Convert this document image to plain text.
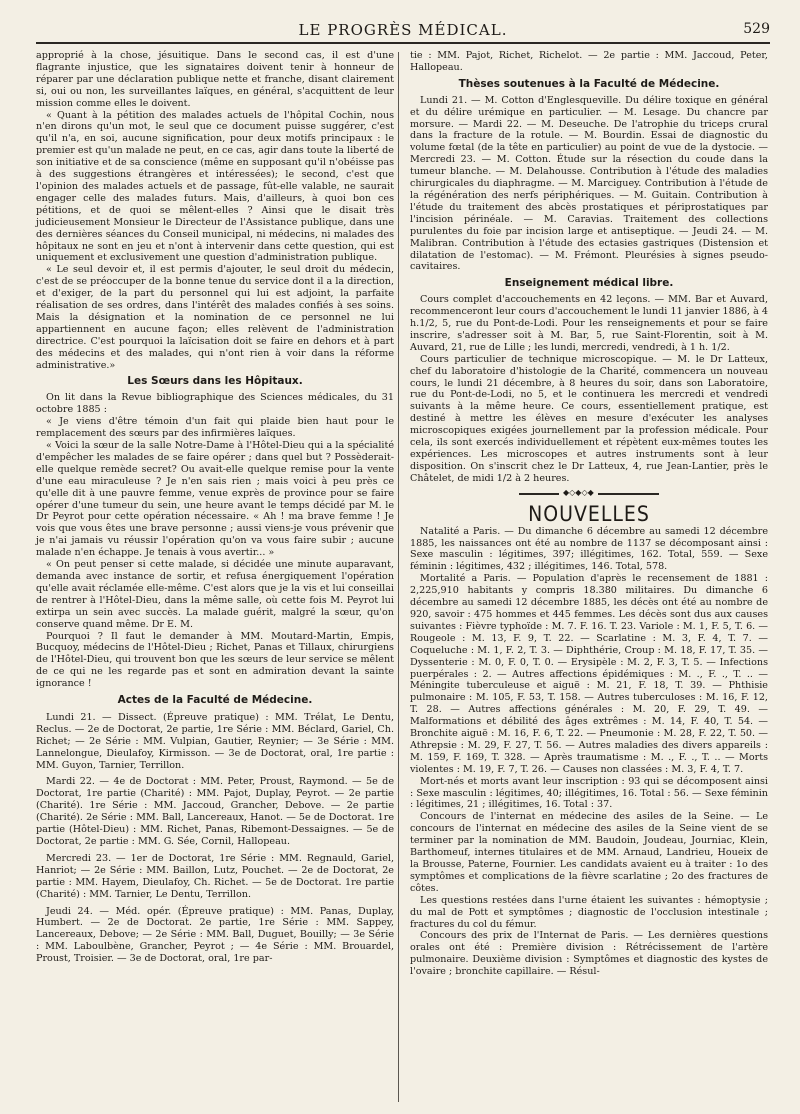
LE PROGRÈS MÉDICAL.	529

approprié à la chose, jésuitique. Dans le second cas, il est d'une flagrante injustice, que les signataires doivent tenir à honneur de réparer par une déclaration publique nette et franche, disant clairement si, oui ou non, les surveillantes laïques, en général, s'acquittent de leur mission comme elles le doivent.

« Quant à la pétition des malades actuels de l'hôpital Cochin, nous n'en dirons qu'un mot, le seul que ce document puisse suggérer, c'est qu'il n'a, en soi, aucune signification, pour deux motifs principaux : le premier est qu'un malade ne peut, en ce cas, agir dans toute la liberté de son initiative et de sa conscience (même en supposant qu'il n'obéisse pas à des suggestions étrangères et intéressées); le second, c'est que l'opinion des malades actuels et de passage, fût-elle valable, ne saurait engager celle des malades futurs. Mais, d'ailleurs, à quoi bon ces pétitions, et de quoi se mêlent-elles ? Ainsi que le disait très judicieusement Monsieur le Directeur de l'Assistance publique, dans une des dernières séances du Conseil municipal, ni médecins, ni malades des hôpitaux ne sont en jeu et n'ont à intervenir dans cette question, qui est uniquement et exclusivement une question d'administration publique.

« Le seul devoir et, il est permis d'ajouter, le seul droit du médecin, c'est de se préoccuper de la bonne tenue du service dont il a la direction, et d'exiger, de la part du personnel qui lui est adjoint, la parfaite réalisation de ses ordres, dans l'intérêt des malades confiés à ses soins. Mais la désignation et la nomination de ce personnel ne lui appartiennent en aucune façon; elles relèvent de l'administration directrice. C'est pourquoi la laïcisation doit se faire en dehors et à part des médecins et des malades, qui n'ont rien à voir dans la réforme administrative.»

Les Sœurs dans les Hôpitaux.

On lit dans la Revue bibliographique des Sciences médicales, du 31 octobre 1885 :

« Je viens d'être témoin d'un fait qui plaide bien haut pour le remplacement des sœurs par des infirmières laïques.

« Voici la sœur de la salle Notre-Dame à l'Hôtel-Dieu qui a la spécialité d'empêcher les malades de se faire opérer ; dans quel but ? Possèderait-elle quelque remède secret? Ou avait-elle quelque remise pour la vente d'une eau miraculeuse ? Je n'en sais rien ; mais voici à peu près ce qu'elle dit à une pauvre femme, venue exprès de province pour se faire opérer d'une tumeur du sein, une heure avant le temps décidé par M. le Dr Peyrot pour cette opération nécessaire. « Ah ! ma brave femme ! Je vois que vous êtes une brave personne ; aussi viens-je vous prévenir que je n'ai jamais vu réussir l'opération qu'on va vous faire subir ; aucune malade n'en échappe. Je tenais à vous avertir... »

« On peut penser si cette malade, si décidée une minute auparavant, demanda avec instance de sortir, et refusa énergiquement l'opération qu'elle avait réclamée elle-même. C'est alors que je la vis et lui conseillai de rentrer à l'Hôtel-Dieu, dans la même salle, où cette fois M. Peyrot lui extirpa un sein avec succès. La malade guérit, malgré la sœur, qu'on conserve quand même. Dr E. M.

Pourquoi ? Il faut le demander à MM. Moutard-Martin, Empis, Bucquoy, médecins de l'Hôtel-Dieu ; Richet, Panas et Tillaux, chirurgiens de l'Hôtel-Dieu, qui trouvent bon que les sœurs de leur service se mêlent de ce qui ne les regarde pas et sont en admiration devant la sainte ignorance !

Actes de la Faculté de Médecine.

Lundi 21. — Dissect. (Épreuve pratique) : MM. Trélat, Le Dentu, Reclus. — 2e de Doctorat, 2e partie, 1re Série : MM. Béclard, Gariel, Ch. Richet; — 2e Série : MM. Vulpian, Gautier, Reynier; — 3e Série : MM. Lannelongue, Dieulafoy, Kirmisson. — 3e de Doctorat, oral, 1re partie : MM. Guyon, Tarnier, Terrillon.

Mardi 22. — 4e de Doctorat : MM. Peter, Proust, Raymond. — 5e de Doctorat, 1re partie (Charité) : MM. Pajot, Duplay, Peyrot. — 2e partie (Charité). 1re Série : MM. Jaccoud, Grancher, Debove. — 2e partie (Charité). 2e Série : MM. Ball, Lancereaux, Hanot. — 5e de Doctorat. 1re partie (Hôtel-Dieu) : MM. Richet, Panas, Ribemont-Dessaignes. — 5e de Doctorat, 2e partie : MM. G. Sée, Cornil, Hallopeau.

Mercredi 23. — 1er de Doctorat, 1re Série : MM. Regnauld, Gariel, Hanriot; — 2e Série : MM. Baillon, Lutz, Pouchet. — 2e de Doctorat, 2e partie : MM. Hayem, Dieulafoy, Ch. Richet. — 5e de Doctorat. 1re partie (Charité) : MM. Tarnier, Le Dentu, Terrillon.

Jeudi 24. — Méd. opér. (Épreuve pratique) : MM. Panas, Duplay, Humbert. — 2e de Doctorat. 2e partie, 1re Série : MM. Sappey, Lancereaux, Debove; — 2e Série : MM. Ball, Duguet, Bouilly; — 3e Série : MM. Laboulbène, Grancher, Peyrot ; — 4e Série : MM. Brouardel, Proust, Troisier. — 3e de Doctorat, oral, 1re par-

tie : MM. Pajot, Richet, Richelot. — 2e partie : MM. Jaccoud, Peter, Hallopeau.

Thèses soutenues à la Faculté de Médecine.

Lundi 21. — M. Cotton d'Englesqueville. Du délire toxique en général et du délire urémique en particulier. — M. Lesage. Du chancre par morsure. — Mardi 22. — M. Deseuche. De l'atrophie du triceps crural dans la fracture de la rotule. — M. Bourdin. Essai de diagnostic du volume fœtal (de la tête en particulier) au point de vue de la dystocie. — Mercredi 23. — M. Cotton. Étude sur la résection du coude dans la tumeur blanche. — M. Delahousse. Contribution à l'étude des maladies chirurgicales du diaphragme. — M. Marciguey. Contribution à l'étude de la régénération des nerfs périphériques. — M. Guitain. Contribution à l'étude du traitement des abcès prostatiques et périprostatiques par l'incision périnéale. — M. Caravias. Traitement des collections purulentes du foie par incision large et antiseptique. — Jeudi 24. — M. Malibran. Contribution à l'étude des ectasies gastriques (Distension et dilatation de l'estomac). — M. Frémont. Pleurésies à signes pseudo-cavitaires.

Enseignement médical libre.

Cours complet d'accouchements en 42 leçons. — MM. Bar et Auvard, recommenceront leur cours d'accouchement le lundi 11 janvier 1886, à 4 h.1/2, 5, rue du Pont-de-Lodi. Pour les renseignements et pour se faire inscrire, s'adresser soit à M. Bar, 5, rue Saint-Florentin, soit à M. Auvard, 21, rue de Lille ; les lundi, mercredi, vendredi, à 1 h. 1/2.

Cours particulier de technique microscopique. — M. le Dr Latteux, chef du laboratoire d'histologie de la Charité, commencera un nouveau cours, le lundi 21 décembre, à 8 heures du soir, dans son Laboratoire, rue du Pont-de-Lodi, no 5, et le continuera les mercredi et vendredi suivants à la même heure. Ce cours, essentiellement pratique, est destiné à mettre les élèves en mesure d'exécuter les analyses microscopiques exigées journellement par la profession médicale. Pour cela, ils sont exercés individuellement et répètent eux-mêmes toutes les expériences. Les microscopes et autres instruments sont à leur disposition. On s'inscrit chez le Dr Latteux, 4, rue Jean-Lantier, près le Châtelet, de midi 1/2 à 2 heures.

◆◇◆◇◆
NOUVELLES

Natalité a Paris. — Du dimanche 6 décembre au samedi 12 décembre 1885, les naissances ont été au nombre de 1137 se décomposant ainsi : Sexe masculin : légitimes, 397; illégitimes, 162. Total, 559. — Sexe féminin : légitimes, 432 ; illégitimes, 146. Total, 578.

Mortalité a Paris. — Population d'après le recensement de 1881 : 2,225,910 habitants y compris 18.380 militaires. Du dimanche 6 décembre au samedi 12 décembre 1885, les décès ont été au nombre de 920, savoir : 475 hommes et 445 femmes. Les décès sont dus aux causes suivantes : Fièvre typhoïde : M. 7. F. 16. T. 23. Variole : M. 1, F. 5, T. 6. — Rougeole : M. 13, F. 9, T. 22. — Scarlatine : M. 3, F. 4, T. 7. — Coqueluche : M. 1, F. 2, T. 3. — Diphthérie, Croup : M. 18, F. 17, T. 35. — Dyssenterie : M. 0, F. 0, T. 0. — Erysipèle : M. 2, F. 3, T. 5. — Infections puerpérales : 2. — Autres affections épidémiques : M. ., F. ., T. .. — Méningite tuberculeuse et aiguë : M. 21, F. 18, T. 39. — Phthisie pulmonaire : M. 105, F. 53, T. 158. — Autres tuberculoses : M. 16, F. 12, T. 28. — Autres affections générales : M. 20, F. 29, T. 49. — Malformations et débilité des âges extrêmes : M. 14, F. 40, T. 54. — Bronchite aiguë : M. 16, F. 6, T. 22. — Pneumonie : M. 28, F. 22, T. 50. — Athrepsie : M. 29, F. 27, T. 56. — Autres maladies des divers appareils : M. 159, F. 169, T. 328. — Après traumatisme : M. ., F. ., T. .. — Morts violentes : M. 19, F. 7, T. 26. — Causes non classées : M. 3, F. 4, T. 7.

Mort-nés et morts avant leur inscription : 93 qui se décomposent ainsi : Sexe masculin : légitimes, 40; illégitimes, 16. Total : 56. — Sexe féminin : légitimes, 21 ; illégitimes, 16. Total : 37.

Concours de l'internat en médecine des asiles de la Seine. — Le concours de l'internat en médecine des asiles de la Seine vient de se terminer par la nomination de MM. Baudoin, Joudeau, Journiac, Klein, Barthomeuf, internes titulaires et de MM. Arnaud, Landrieu, Houeix de la Brousse, Paterne, Fournier. Les candidats avaient eu à traiter : 1o des symptômes et complications de la fièvre scarlatine ; 2o des fractures de côtes.

Les questions restées dans l'urne étaient les suivantes : hémoptysie ; du mal de Pott et symptômes ; diagnostic de l'occlusion intestinale ; fractures du col du fémur.

Concours des prix de l'Internat de Paris. — Les dernières questions orales ont été : Première division : Rétrécissement de l'artère pulmonaire. Deuxième division : Symptômes et diagnostic des kystes de l'ovaire ; bronchite capillaire. — Résul-
